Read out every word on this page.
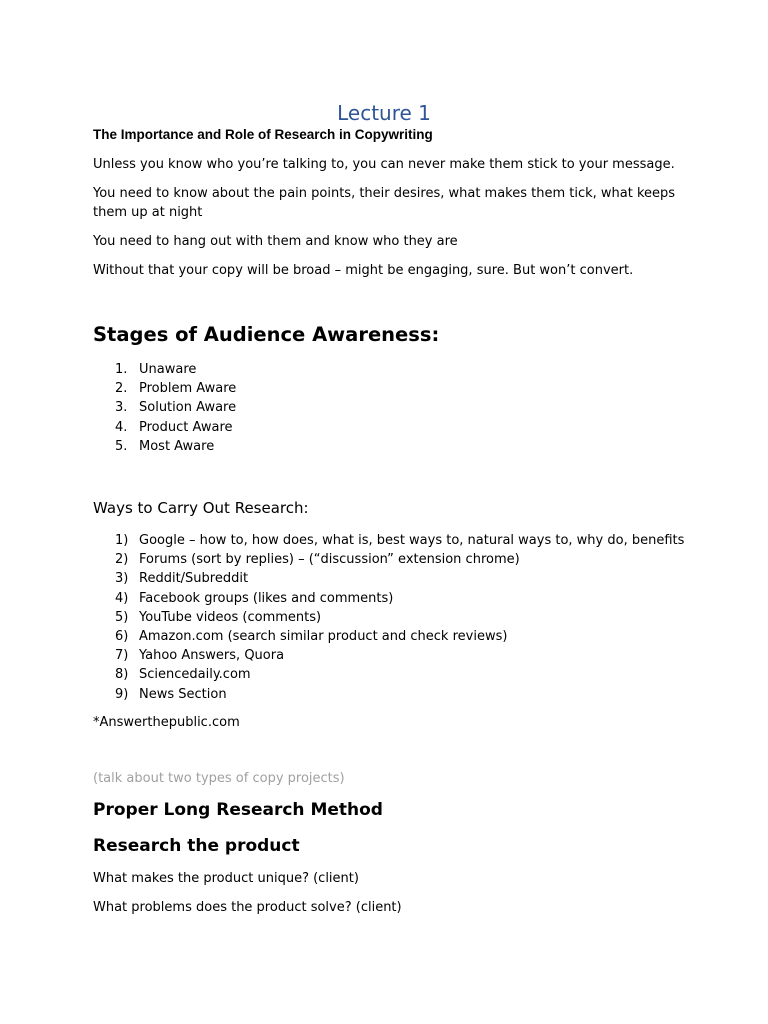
Lecture 1
The Importance and Role of Research in Copywriting
Unless you know who you’re talking to, you can never make them stick to your message.
You need to know about the pain points, their desires, what makes them tick, what keeps them up at night
You need to hang out with them and know who they are
Without that your copy will be broad – might be engaging, sure. But won’t convert.
Stages of Audience Awareness:
1. Unaware
2. Problem Aware
3. Solution Aware
4. Product Aware
5. Most Aware
Ways to Carry Out Research:
1) Google – how to, how does, what is, best ways to, natural ways to, why do, benefits
2) Forums (sort by replies) – (“discussion” extension chrome)
3) Reddit/Subreddit
4) Facebook groups (likes and comments)
5) YouTube videos (comments)
6) Amazon.com (search similar product and check reviews)
7) Yahoo Answers, Quora
8) Sciencedaily.com
9) News Section
*Answerthepublic.com
(talk about two types of copy projects)
Proper Long Research Method
Research the product
What makes the product unique? (client)
What problems does the product solve? (client)
